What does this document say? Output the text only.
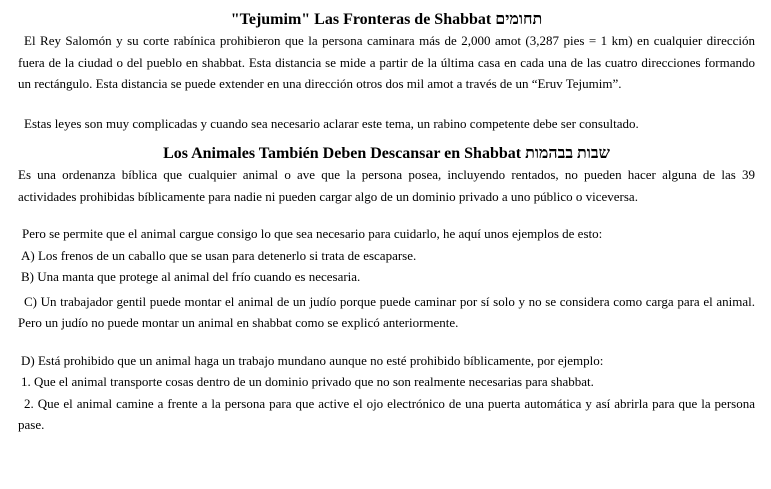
"Tejumim" Las Fronteras de Shabbat תחומים

El Rey Salomón y su corte rabínica prohibieron que la persona caminara más de 2,000 amot (3,287 pies = 1 km) en cualquier dirección fuera de la ciudad o del pueblo en shabbat. Esta distancia se mide a partir de la última casa en cada una de las cuatro direcciones formando un rectángulo. Esta distancia se puede extender en una dirección otros dos mil amot a través de un “Eruv Tejumim”.

Estas leyes son muy complicadas y cuando sea necesario aclarar este tema, un rabino competente debe ser consultado.

Los Animales También Deben Descansar en Shabbat שבות בבהמות

Es una ordenanza bíblica que cualquier animal o ave que la persona posea, incluyendo rentados, no pueden hacer alguna de las 39 actividades prohibidas bíblicamente para nadie ni pueden cargar algo de un dominio privado a uno público o viceversa.

Pero se permite que el animal cargue consigo lo que sea necesario para cuidarlo, he aquí unos ejemplos de esto:

A) Los frenos de un caballo que se usan para detenerlo si trata de escaparse.

B) Una manta que protege al animal del frío cuando es necesaria.

C) Un trabajador gentil puede montar el animal de un judío porque puede caminar por sí solo y no se considera como carga para el animal. Pero un judío no puede montar un animal en shabbat como se explicó anteriormente.

D) Está prohibido que un animal haga un trabajo mundano aunque no esté prohibido bíblicamente, por ejemplo:

1. Que el animal transporte cosas dentro de un dominio privado que no son realmente necesarias para shabbat.

2. Que el animal camine a frente a la persona para que active el ojo electrónico de una puerta automática y así abrirla para que la persona pase.
